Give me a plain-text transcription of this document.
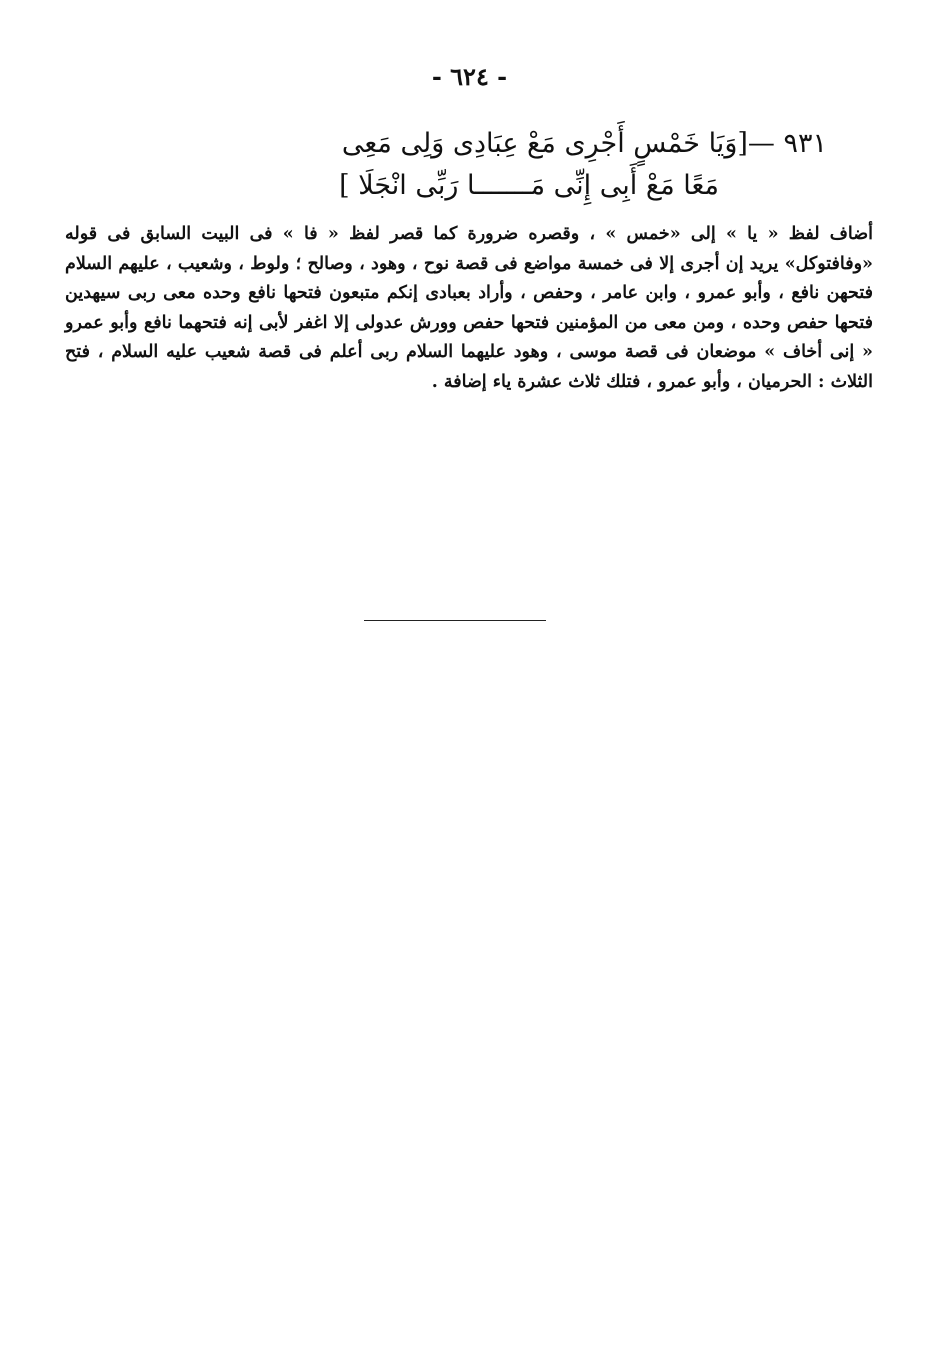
- ٦٢٤ -
٩٣١ —[وَيَا خَمْسٍ أَجْرِى مَعْ عِبَادِى وَلِى مَعِى
مَعًا مَعْ أَبِى إِنِّى مَـــــــا رَبِّى انْجَلَا ]

أضاف لفظ « يا » إلى «خمس » ، وقصره ضرورة كما قصر لفظ « فا » فى البيت السابق فى قوله «وفافتوكل» يريد إن أجرى إلا فى خمسة مواضع فى قصة نوح ، وهود ، وصالح ؛ ولوط ، وشعيب ، عليهم السلام فتحهن نافع ، وأبو عمرو ، وابن عامر ، وحفص ، وأراد بعبادى إنكم متبعون فتحها نافع وحده معى ربى سيهدين فتحها حفص وحده ، ومن معى من المؤمنين فتحها حفص وورش عدولى إلا اغفر لأبى إنه فتحهما نافع وأبو عمرو « إنى أخاف » موضعان فى قصة موسى ، وهود عليهما السلام ربى أعلم فى قصة شعيب عليه السلام ، فتح الثلاث : الحرميان ، وأبو عمرو ، فتلك ثلاث عشرة ياء إضافة .
